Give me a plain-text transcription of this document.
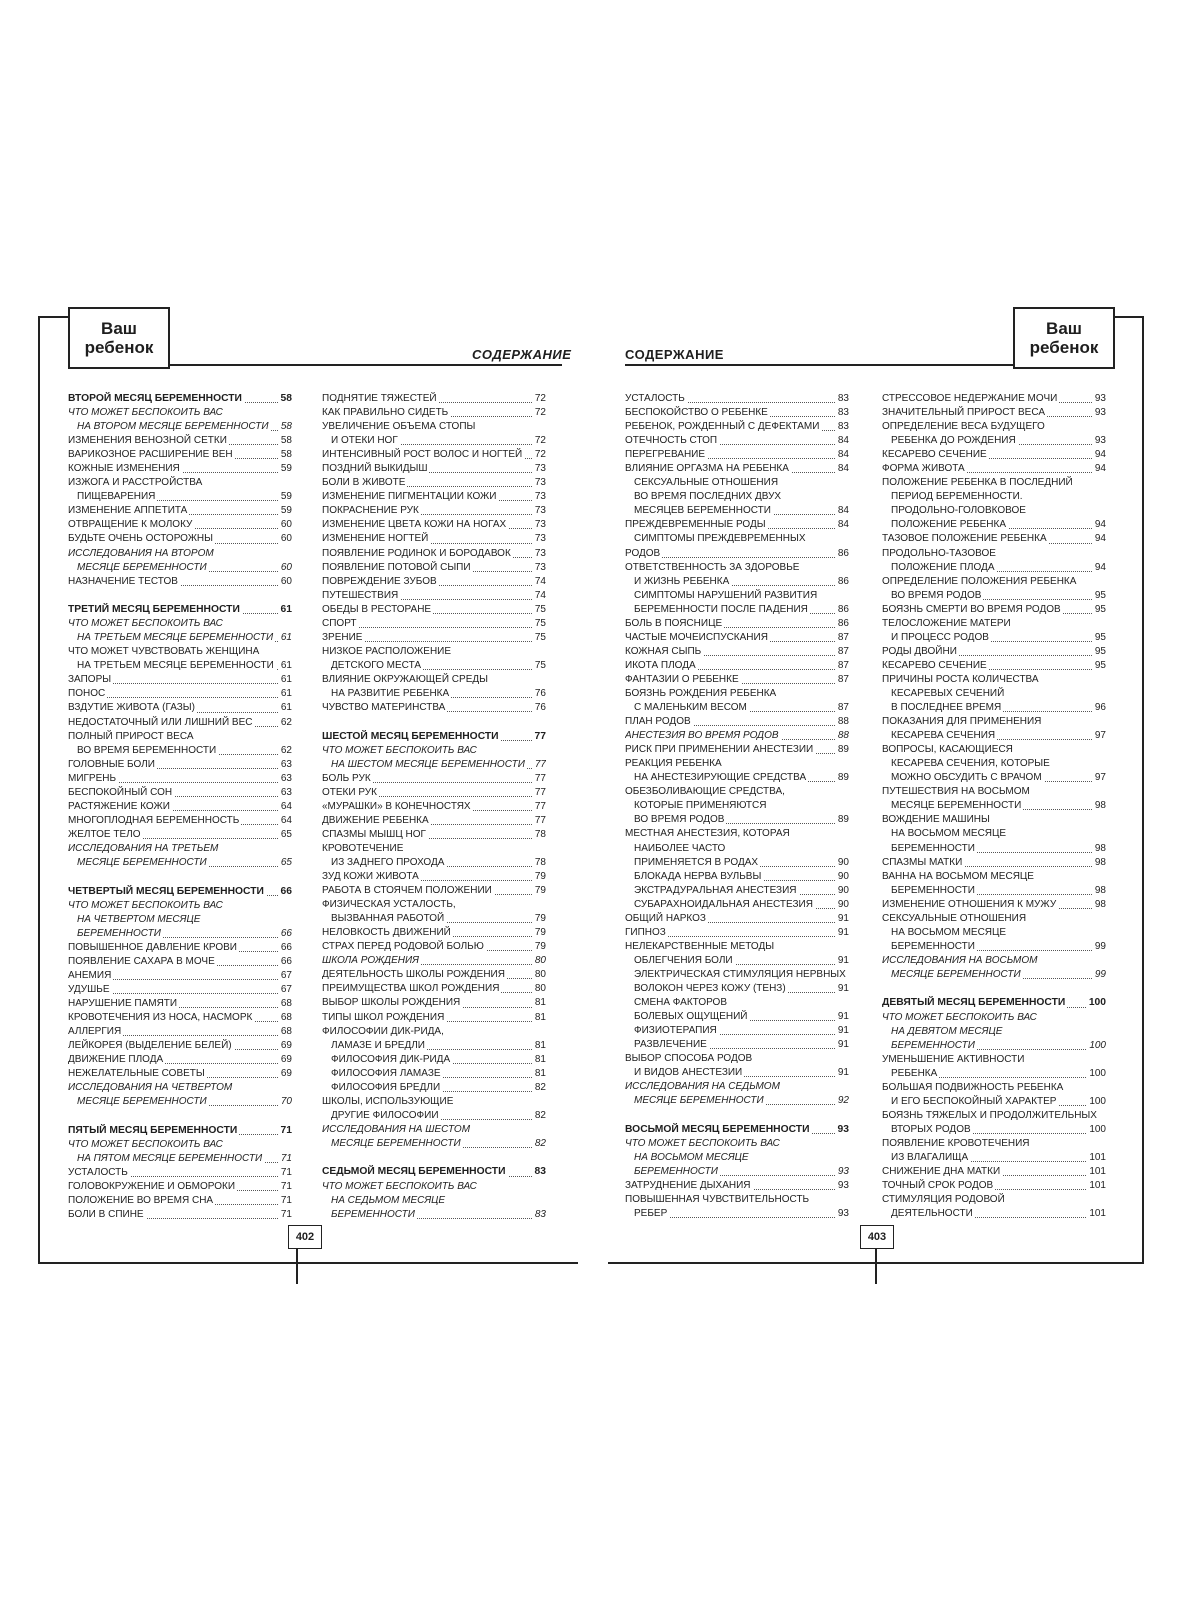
Ваш
ребенок	СОДЕРЖАНИЕ
ВТОРОЙ МЕСЯЦ БЕРЕМЕННОСТИ	58
ЧТО МОЖЕТ БЕСПОКОИТЬ ВАС
НА ВТОРОМ МЕСЯЦЕ БЕРЕМЕННОСТИ 58
ИЗМЕНЕНИЯ ВЕНОЗНОЙ СЕТКИ	58
ВАРИКОЗНОЕ РАСШИРЕНИЕ ВЕН	58
КОЖНЫЕ ИЗМЕНЕНИЯ	59
ИЗЖОГА И РАССТРОЙСТВА
ПИЩЕВАРЕНИЯ	59
ИЗМЕНЕНИЕ АППЕТИТА	59
ОТВРАЩЕНИЕ К МОЛОКУ	60
БУДЬТЕ ОЧЕНЬ ОСТОРОЖНЫ	60
ИССЛЕДОВАНИЯ НА ВТОРОМ
МЕСЯЦЕ БЕРЕМЕННОСТИ	60
НАЗНАЧЕНИЕ ТЕСТОВ	60
ТРЕТИЙ МЕСЯЦ БЕРЕМЕННОСТИ	61
ЧТО МОЖЕТ БЕСПОКОИТЬ ВАС
НА ТРЕТЬЕМ МЕСЯЦЕ БЕРЕМЕННОСТИ 61
ЧТО МОЖЕТ ЧУВСТВОВАТЬ ЖЕНЩИНА
НА ТРЕТЬЕМ МЕСЯЦЕ БЕРЕМЕННОСТИ 61
ЗАПОРЫ	61
ПОНОС	61
ВЗДУТИЕ ЖИВОТА (ГАЗЫ)	61
НЕДОСТАТОЧНЫЙ ИЛИ ЛИШНИЙ ВЕС	62
ПОЛНЫЙ ПРИРОСТ ВЕСА
ВО ВРЕМЯ БЕРЕМЕННОСТИ	62
ГОЛОВНЫЕ БОЛИ	63
МИГРЕНЬ	63
БЕСПОКОЙНЫЙ СОН	63
РАСТЯЖЕНИЕ КОЖИ	64
МНОГОПЛОДНАЯ БЕРЕМЕННОСТЬ	64
ЖЕЛТОЕ ТЕЛО	65
ИССЛЕДОВАНИЯ НА ТРЕТЬЕМ
МЕСЯЦЕ БЕРЕМЕННОСТИ	65
ЧЕТВЕРТЫЙ МЕСЯЦ БЕРЕМЕННОСТИ 66
ЧТО МОЖЕТ БЕСПОКОИТЬ ВАС
НА ЧЕТВЕРТОМ МЕСЯЦЕ
БЕРЕМЕННОСТИ	66
ПОВЫШЕННОЕ ДАВЛЕНИЕ КРОВИ	66
ПОЯВЛЕНИЕ САХАРА В МОЧЕ	66
АНЕМИЯ	67
УДУШЬЕ	67
НАРУШЕНИЕ ПАМЯТИ	68
КРОВОТЕЧЕНИЯ ИЗ НОСА, НАСМОРК	68
АЛЛЕРГИЯ	68
ЛЕЙКОРЕЯ (ВЫДЕЛЕНИЕ БЕЛЕЙ)	69
ДВИЖЕНИЕ ПЛОДА	69
НЕЖЕЛАТЕЛЬНЫЕ СОВЕТЫ	69
ИССЛЕДОВАНИЯ НА ЧЕТВЕРТОМ
МЕСЯЦЕ БЕРЕМЕННОСТИ	70
ПЯТЫЙ МЕСЯЦ БЕРЕМЕННОСТИ	71
ЧТО МОЖЕТ БЕСПОКОИТЬ ВАС
НА ПЯТОМ МЕСЯЦЕ БЕРЕМЕННОСТИ 71
УСТАЛОСТЬ	71
ГОЛОВОКРУЖЕНИЕ И ОБМОРОКИ	71
ПОЛОЖЕНИЕ ВО ВРЕМЯ СНА	71
БОЛИ В СПИНЕ	71
ПОДНЯТИЕ ТЯЖЕСТЕЙ	72
КАК ПРАВИЛЬНО СИДЕТЬ	72
УВЕЛИЧЕНИЕ ОБЪЕМА СТОПЫ
И ОТЕКИ НОГ	72
ИНТЕНСИВНЫЙ РОСТ ВОЛОС И НОГТЕЙ 72
ПОЗДНИЙ ВЫКИДЫШ	73
БОЛИ В ЖИВОТЕ	73
ИЗМЕНЕНИЕ ПИГМЕНТАЦИИ КОЖИ	73
ПОКРАСНЕНИЕ РУК	73
ИЗМЕНЕНИЕ ЦВЕТА КОЖИ НА НОГАХ	73
ИЗМЕНЕНИЕ НОГТЕЙ	73
ПОЯВЛЕНИЕ РОДИНОК И БОРОДАВОК 73
ПОЯВЛЕНИЕ ПОТОВОЙ СЫПИ	73
ПОВРЕЖДЕНИЕ ЗУБОВ	74
ПУТЕШЕСТВИЯ	74
ОБЕДЫ В РЕСТОРАНЕ	75
СПОРТ	75
ЗРЕНИЕ	75
НИЗКОЕ РАСПОЛОЖЕНИЕ
ДЕТСКОГО МЕСТА	75
ВЛИЯНИЕ ОКРУЖАЮЩЕЙ СРЕДЫ
НА РАЗВИТИЕ РЕБЕНКА	76
ЧУВСТВО МАТЕРИНСТВА	76
ШЕСТОЙ МЕСЯЦ БЕРЕМЕННОСТИ	77
ЧТО МОЖЕТ БЕСПОКОИТЬ ВАС
НА ШЕСТОМ МЕСЯЦЕ БЕРЕМЕННОСТИ 77
БОЛЬ РУК	77
ОТЕКИ РУК	77
«МУРАШКИ» В КОНЕЧНОСТЯХ	77
ДВИЖЕНИЕ РЕБЕНКА	77
СПАЗМЫ МЫШЦ НОГ	78
КРОВОТЕЧЕНИЕ
ИЗ ЗАДНЕГО ПРОХОДА	78
ЗУД КОЖИ ЖИВОТА	79
РАБОТА В СТОЯЧЕМ ПОЛОЖЕНИИ	79
ФИЗИЧЕСКАЯ УСТАЛОСТЬ,
ВЫЗВАННАЯ РАБОТОЙ	79
НЕЛОВКОСТЬ ДВИЖЕНИЙ	79
СТРАХ ПЕРЕД РОДОВОЙ БОЛЬЮ	79
ШКОЛА РОЖДЕНИЯ	80
ДЕЯТЕЛЬНОСТЬ ШКОЛЫ РОЖДЕНИЯ	80
ПРЕИМУЩЕСТВА ШКОЛ РОЖДЕНИЯ	80
ВЫБОР ШКОЛЫ РОЖДЕНИЯ	81
ТИПЫ ШКОЛ РОЖДЕНИЯ	81
ФИЛОСОФИИ ДИК-РИДА,
ЛАМАЗЕ И БРЕДЛИ	81
ФИЛОСОФИЯ ДИК-РИДА	81
ФИЛОСОФИЯ ЛАМАЗЕ	81
ФИЛОСОФИЯ БРЕДЛИ	82
ШКОЛЫ, ИСПОЛЬЗУЮЩИЕ
ДРУГИЕ ФИЛОСОФИИ	82
ИССЛЕДОВАНИЯ НА ШЕСТОМ
МЕСЯЦЕ БЕРЕМЕННОСТИ	82
СЕДЬМОЙ МЕСЯЦ БЕРЕМЕННОСТИ	83
ЧТО МОЖЕТ БЕСПОКОИТЬ ВАС
НА СЕДЬМОМ МЕСЯЦЕ
БЕРЕМЕННОСТИ	83
402
Ваш
ребенок
СОДЕРЖАНИЕ
УСТАЛОСТЬ	83
БЕСПОКОЙСТВО О РЕБЕНКЕ	83
РЕБЕНОК, РОЖДЕННЫЙ С ДЕФЕКТАМИ 83
ОТЕЧНОСТЬ СТОП	84
ПЕРЕГРЕВАНИЕ	84
ВЛИЯНИЕ ОРГАЗМА НА РЕБЕНКА	84
СЕКСУАЛЬНЫЕ ОТНОШЕНИЯ
ВО ВРЕМЯ ПОСЛЕДНИХ ДВУХ
МЕСЯЦЕВ БЕРЕМЕННОСТИ	84
ПРЕЖДЕВРЕМЕННЫЕ РОДЫ	84
СИМПТОМЫ ПРЕЖДЕВРЕМЕННЫХ
РОДОВ	86
ОТВЕТСТВЕННОСТЬ ЗА ЗДОРОВЬЕ
И ЖИЗНЬ РЕБЕНКА	86
СИМПТОМЫ НАРУШЕНИЙ РАЗВИТИЯ
БЕРЕМЕННОСТИ ПОСЛЕ ПАДЕНИЯ	86
БОЛЬ В ПОЯСНИЦЕ	86
ЧАСТЫЕ МОЧЕИСПУСКАНИЯ	87
КОЖНАЯ СЫПЬ	87
ИКОТА ПЛОДА	87
ФАНТАЗИИ О РЕБЕНКЕ	87
БОЯЗНЬ РОЖДЕНИЯ РЕБЕНКА
С МАЛЕНЬКИМ ВЕСОМ	87
ПЛАН РОДОВ	88
АНЕСТЕЗИЯ ВО ВРЕМЯ РОДОВ	88
РИСК ПРИ ПРИМЕНЕНИИ АНЕСТЕЗИИ 89
РЕАКЦИЯ РЕБЕНКА
НА АНЕСТЕЗИРУЮЩИЕ СРЕДСТВА	89
ОБЕЗБОЛИВАЮЩИЕ СРЕДСТВА,
КОТОРЫЕ ПРИМЕНЯЮТСЯ
ВО ВРЕМЯ РОДОВ	89
МЕСТНАЯ АНЕСТЕЗИЯ, КОТОРАЯ
НАИБОЛЕЕ ЧАСТО
ПРИМЕНЯЕТСЯ В РОДАХ	90
БЛОКАДА НЕРВА ВУЛЬВЫ	90
ЭКСТРАДУРАЛЬНАЯ АНЕСТЕЗИЯ	90
СУБАРАХНОИДАЛЬНАЯ АНЕСТЕЗИЯ 90
ОБЩИЙ НАРКОЗ	91
ГИПНОЗ	91
НЕЛЕКАРСТВЕННЫЕ МЕТОДЫ
ОБЛЕГЧЕНИЯ БОЛИ	91
ЭЛЕКТРИЧЕСКАЯ СТИМУЛЯЦИЯ НЕРВНЫХ
ВОЛОКОН ЧЕРЕЗ КОЖУ (ТЕНЗ)	91
СМЕНА ФАКТОРОВ
БОЛЕВЫХ ОЩУЩЕНИЙ	91
ФИЗИОТЕРАПИЯ	91
РАЗВЛЕЧЕНИЕ	91
ВЫБОР СПОСОБА РОДОВ
И ВИДОВ АНЕСТЕЗИИ	91
ИССЛЕДОВАНИЯ НА СЕДЬМОМ
МЕСЯЦЕ БЕРЕМЕННОСТИ	92
ВОСЬМОЙ МЕСЯЦ БЕРЕМЕННОСТИ	93
ЧТО МОЖЕТ БЕСПОКОИТЬ ВАС
НА ВОСЬМОМ МЕСЯЦЕ
БЕРЕМЕННОСТИ	93
ЗАТРУДНЕНИЕ ДЫХАНИЯ	93
ПОВЫШЕННАЯ ЧУВСТВИТЕЛЬНОСТЬ
РЕБЕР	93
СТРЕССОВОЕ НЕДЕРЖАНИЕ МОЧИ	93
ЗНАЧИТЕЛЬНЫЙ ПРИРОСТ ВЕСА	93
ОПРЕДЕЛЕНИЕ ВЕСА БУДУЩЕГО
РЕБЕНКА ДО РОЖДЕНИЯ	93
КЕСАРЕВО СЕЧЕНИЕ	94
ФОРМА ЖИВОТА	94
ПОЛОЖЕНИЕ РЕБЕНКА В ПОСЛЕДНИЙ
ПЕРИОД БЕРЕМЕННОСТИ.
ПРОДОЛЬНО-ГОЛОВКОВОЕ
ПОЛОЖЕНИЕ РЕБЕНКА	94
ТАЗОВОЕ ПОЛОЖЕНИЕ РЕБЕНКА	94
ПРОДОЛЬНО-ТАЗОВОЕ
ПОЛОЖЕНИЕ ПЛОДА	94
ОПРЕДЕЛЕНИЕ ПОЛОЖЕНИЯ РЕБЕНКА
ВО ВРЕМЯ РОДОВ	95
БОЯЗНЬ СМЕРТИ ВО ВРЕМЯ РОДОВ	95
ТЕЛОСЛОЖЕНИЕ МАТЕРИ
И ПРОЦЕСС РОДОВ	95
РОДЫ ДВОЙНИ	95
КЕСАРЕВО СЕЧЕНИЕ	95
ПРИЧИНЫ РОСТА КОЛИЧЕСТВА
КЕСАРЕВЫХ СЕЧЕНИЙ
В ПОСЛЕДНЕЕ ВРЕМЯ	96
ПОКАЗАНИЯ ДЛЯ ПРИМЕНЕНИЯ
КЕСАРЕВА СЕЧЕНИЯ	97
ВОПРОСЫ, КАСАЮЩИЕСЯ
КЕСАРЕВА СЕЧЕНИЯ, КОТОРЫЕ
МОЖНО ОБСУДИТЬ С ВРАЧОМ	97
ПУТЕШЕСТВИЯ НА ВОСЬМОМ
МЕСЯЦЕ БЕРЕМЕННОСТИ	98
ВОЖДЕНИЕ МАШИНЫ
НА ВОСЬМОМ МЕСЯЦЕ
БЕРЕМЕННОСТИ	98
СПАЗМЫ МАТКИ	98
ВАННА НА ВОСЬМОМ МЕСЯЦЕ
БЕРЕМЕННОСТИ	98
ИЗМЕНЕНИЕ ОТНОШЕНИЯ К МУЖУ	98
СЕКСУАЛЬНЫЕ ОТНОШЕНИЯ
НА ВОСЬМОМ МЕСЯЦЕ
БЕРЕМЕННОСТИ	99
ИССЛЕДОВАНИЯ НА ВОСЬМОМ
МЕСЯЦЕ БЕРЕМЕННОСТИ	99
ДЕВЯТЫЙ МЕСЯЦ БЕРЕМЕННОСТИ 100
ЧТО МОЖЕТ БЕСПОКОИТЬ ВАС
НА ДЕВЯТОМ МЕСЯЦЕ
БЕРЕМЕННОСТИ	100
УМЕНЬШЕНИЕ АКТИВНОСТИ
РЕБЕНКА	100
БОЛЬШАЯ ПОДВИЖНОСТЬ РЕБЕНКА
И ЕГО БЕСПОКОЙНЫЙ ХАРАКТЕР	100
БОЯЗНЬ ТЯЖЕЛЫХ И ПРОДОЛЖИТЕЛЬНЫХ
ВТОРЫХ РОДОВ	100
ПОЯВЛЕНИЕ КРОВОТЕЧЕНИЯ
ИЗ ВЛАГАЛИЩА	101
СНИЖЕНИЕ ДНА МАТКИ	101
ТОЧНЫЙ СРОК РОДОВ	101
СТИМУЛЯЦИЯ РОДОВОЙ
ДЕЯТЕЛЬНОСТИ	101
403
